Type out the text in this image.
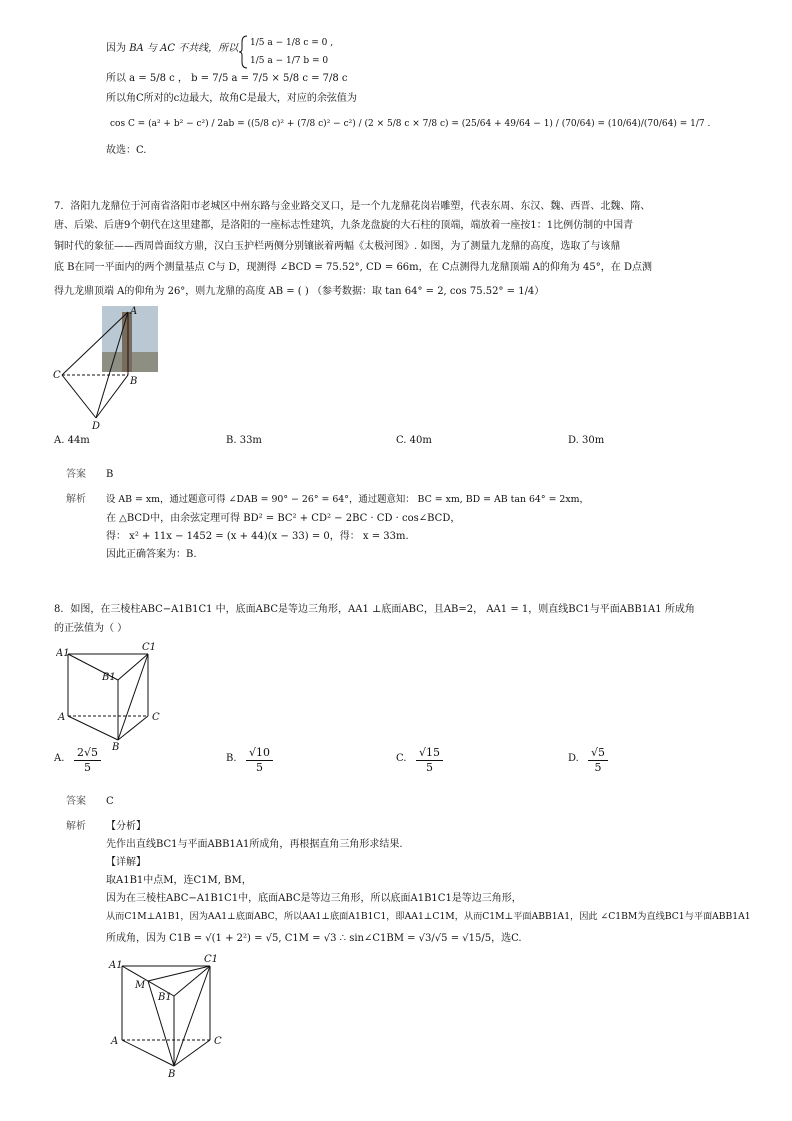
因为 BA 与 AC 不共线，所以 1/5 a − 1/8 c = 0 ,
1/5 a − 1/7 b = 0
所以 a = 5/8 c ， b = 7/5 a = 7/5 × 5/8 c = 7/8 c
所以角C所对的c边最大，故角C是最大，对应的余弦值为
cos C = (a² + b² − c²) / 2ab = ((5/8 c)² + (7/8 c)² − c²) / (2 × 5/8 c × 7/8 c) = (25/64 + 49/64 − 1) / (70/64) = (10/64)/(70/64) = 1/7 .
故选：C.
7．洛阳九龙鼎位于河南省洛阳市老城区中州东路与金业路交叉口，是一个九龙鼎花岗岩雕塑，代表东周、东汉、魏、西晋、北魏、隋、
唐、后梁、后唐9个朝代在这里建都，是洛阳的一座标志性建筑，九条龙盘旋的大石柱的顶端，端放着一座按1：1比例仿制的中国青
铜时代的象征——西周兽面纹方鼎，汉白玉护栏两侧分别镶嵌着两幅《太极河图》. 如图，为了测量九龙鼎的高度，选取了与该鼎
底 B在同一平面内的两个测量基点 C与 D，现测得 ∠BCD = 75.52°, CD = 66m，在 C点测得九龙鼎顶端 A的仰角为 45°，在 D点测
得九龙鼎顶端 A的仰角为 26°，则九龙鼎的高度 AB = ( ) （参考数据：取 tan 64° = 2, cos 75.52° = 1/4）
A
C
B
D
A. 44m	B. 33m	C. 40m	D. 30m
答案 B
解析 设 AB = xm，通过题意可得 ∠DAB = 90° − 26° = 64°，通过题意知： BC = xm, BD = AB tan 64° = 2xm，
在 △BCD中，由余弦定理可得 BD² = BC² + CD² − 2BC · CD · cos∠BCD，
得： x² + 11x − 1452 = (x + 44)(x − 33) = 0，得： x = 33m.
因此正确答案为：B.
8．如图，在三棱柱ABC−A1B1C1 中，底面ABC是等边三角形，AA1 ⊥底面ABC，且AB=2， AA1 = 1，则直线BC1与平面ABB1A1 所成角
的正弦值为（ ）
A1
C1
B1
A	C
B
A. $\frac{2√5}{5}$	B. $\frac{√10}{5}$	C. $\frac{√15}{5}$	D. $\frac{√5}{5}$
答案 C
解析 【分析】
先作出直线BC1与平面ABB1A1所成角，再根据直角三角形求结果.
【详解】
取A1B1中点M，连C1M, BM，
因为在三棱柱ABC−A1B1C1中，底面ABC是等边三角形，所以底面A1B1C1是等边三角形，
从而C1M⊥A1B1，因为AA1⊥底面ABC，所以AA1⊥底面A1B1C1，即AA1⊥C1M，从而C1M⊥平面ABB1A1，因此 ∠C1BM为直线BC1与平面ABB1A1
所成角，因为 C1B = √(1 + 2²) = √5, C1M = √3 ∴ sin∠C1BM = √3/√5 = √15/5，选C.
A1
C1
M
B1
A	C
B
